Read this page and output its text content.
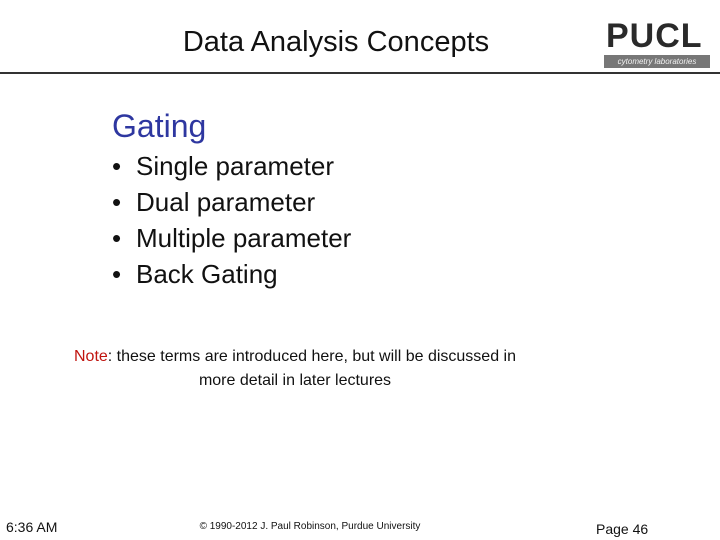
Data Analysis Concepts	PUCL
cytometry laboratories
Gating
• Single parameter
• Dual parameter
• Multiple parameter
• Back Gating
Note: these terms are introduced here, but will be discussed in
more detail in later lectures
6:36 AM	© 1990-2012 J. Paul Robinson, Purdue University	Page 46
